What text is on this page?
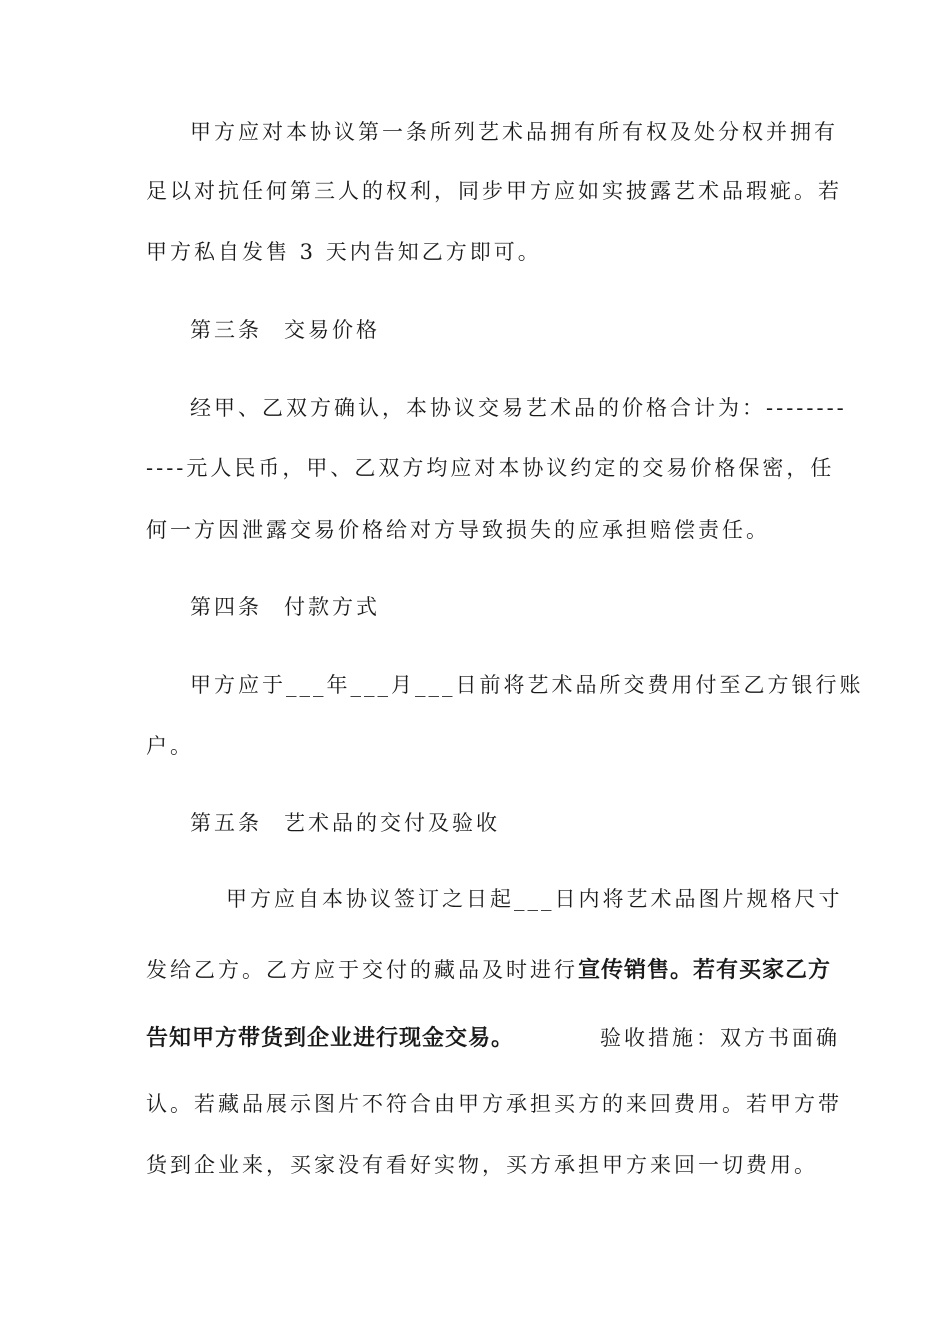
甲方应对本协议第一条所列艺术品拥有所有权及处分权并拥有
足以对抗任何第三人的权利，同步甲方应如实披露艺术品瑕疵。若
甲方私自发售 3 天内告知乙方即可。
第三条 交易价格
经甲、乙双方确认，本协议交易艺术品的价格合计为：--------
----元人民币，甲、乙双方均应对本协议约定的交易价格保密，任
何一方因泄露交易价格给对方导致损失的应承担赔偿责任。
第四条 付款方式
甲方应于___年___月___日前将艺术品所交费用付至乙方银行账
户。
第五条 艺术品的交付及验收
甲方应自本协议签订之日起___日内将艺术品图片规格尺寸
发给乙方。乙方应于交付的藏品及时进行宣传销售。若有买家乙方
告知甲方带货到企业进行现金交易。	验收措施：双方书面确
认。若藏品展示图片不符合由甲方承担买方的来回费用。若甲方带
货到企业来，买家没有看好实物，买方承担甲方来回一切费用。
